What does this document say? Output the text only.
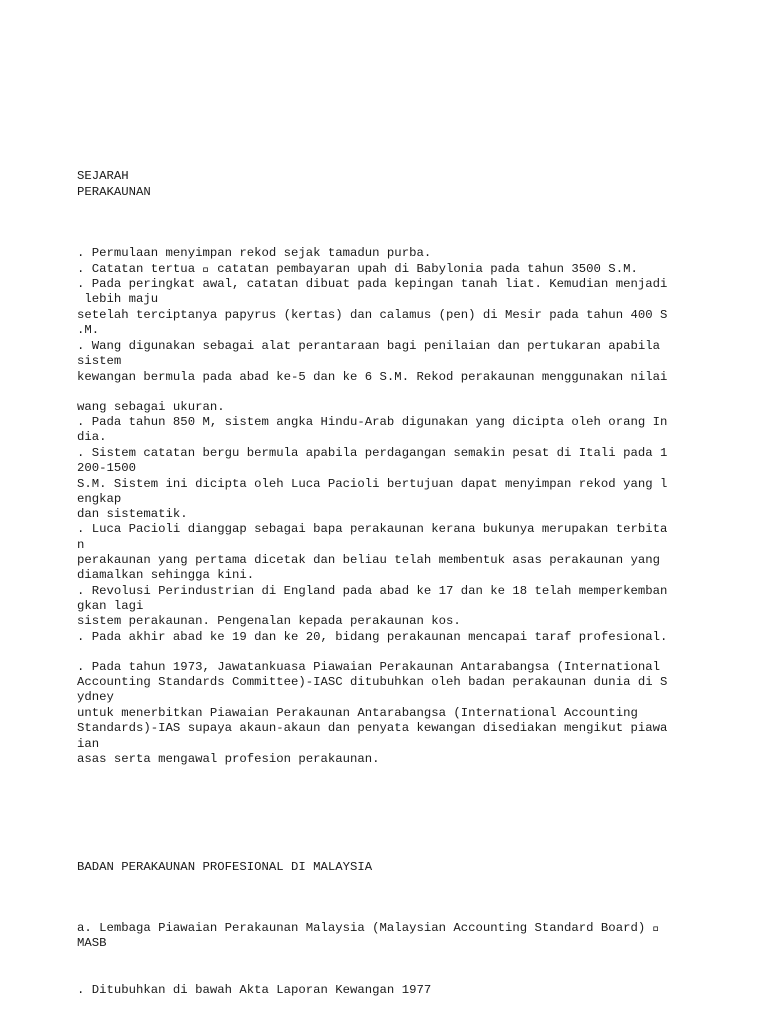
SEJARAH

PERAKAUNAN

. Permulaan menyimpan rekod sejak tamadun purba.

. Catatan tertua   catatan pembayaran upah di Babylonia pada tahun 3500 S.M.

. Pada peringkat awal, catatan dibuat pada kepingan tanah liat. Kemudian menjadi

lebih maju

setelah terciptanya papyrus (kertas) dan calamus (pen) di Mesir pada tahun 400 S

.M.

. Wang digunakan sebagai alat perantaraan bagi penilaian dan pertukaran apabila

sistem

kewangan bermula pada abad ke-5 dan ke 6 S.M. Rekod perakaunan menggunakan nilai

wang sebagai ukuran.

. Pada tahun 850 M, sistem angka Hindu-Arab digunakan yang dicipta oleh orang In

dia.

. Sistem catatan bergu bermula apabila perdagangan semakin pesat di Itali pada 1

200-1500

S.M. Sistem ini dicipta oleh Luca Pacioli bertujuan dapat menyimpan rekod yang l

engkap

dan sistematik.

. Luca Pacioli dianggap sebagai bapa perakaunan kerana bukunya merupakan terbita

n

perakaunan yang pertama dicetak dan beliau telah membentuk asas perakaunan yang

diamalkan sehingga kini.

. Revolusi Perindustrian di England pada abad ke 17 dan ke 18 telah memperkemban

gkan lagi

sistem perakaunan. Pengenalan kepada perakaunan kos.

. Pada akhir abad ke 19 dan ke 20, bidang perakaunan mencapai taraf profesional.

. Pada tahun 1973, Jawatankuasa Piawaian Perakaunan Antarabangsa (International

Accounting Standards Committee)-IASC ditubuhkan oleh badan perakaunan dunia di S

ydney

untuk menerbitkan Piawaian Perakaunan Antarabangsa (International Accounting

Standards)-IAS supaya akaun-akaun dan penyata kewangan disediakan mengikut piawa

ian

asas serta mengawal profesion perakaunan.

BADAN PERAKAUNAN PROFESIONAL DI MALAYSIA

a. Lembaga Piawaian Perakaunan Malaysia (Malaysian Accounting Standard Board)

MASB

. Ditubuhkan di bawah Akta Laporan Kewangan 1977
